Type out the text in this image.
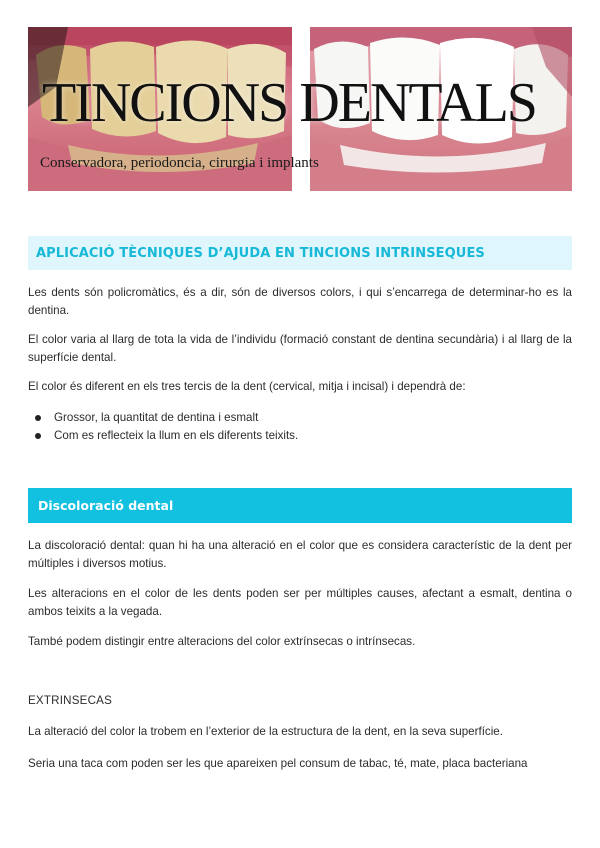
TINCIONS DENTALS
Conservadora, periodoncia, cirurgia i implants
APLICACIÓ TÈCNIQUES D’AJUDA EN TINCIONS INTRINSEQUES

Les dents són policromàtics, és a dir, són de diversos colors, i qui s’encarrega de determinar-ho es la dentina.

El color varia al llarg de tota la vida de l’individu (formació constant de dentina secundària) i al llarg de la superfície dental.

El color és diferent en els tres tercis de la dent (cervical, mitja i incisal) i dependrà de:

Grossor, la quantitat de dentina i esmalt
Com es reflecteix la llum en els diferents teixits.
Discoloració dental

La discoloració dental: quan hi ha una alteració en el color que es considera característic de la dent per múltiples i diversos motius.

Les alteracions en el color de les dents poden ser per múltiples causes, afectant a esmalt, dentina o ambos teixits a la vegada.

També podem distingir entre alteracions del color extrínsecas o intrínsecas.

EXTRINSECAS

La alteració del color la trobem en l’exterior de la estructura de la dent, en la seva superfície.

Seria una taca com poden ser les que apareixen pel consum de tabac, té, mate, placa bacteriana
